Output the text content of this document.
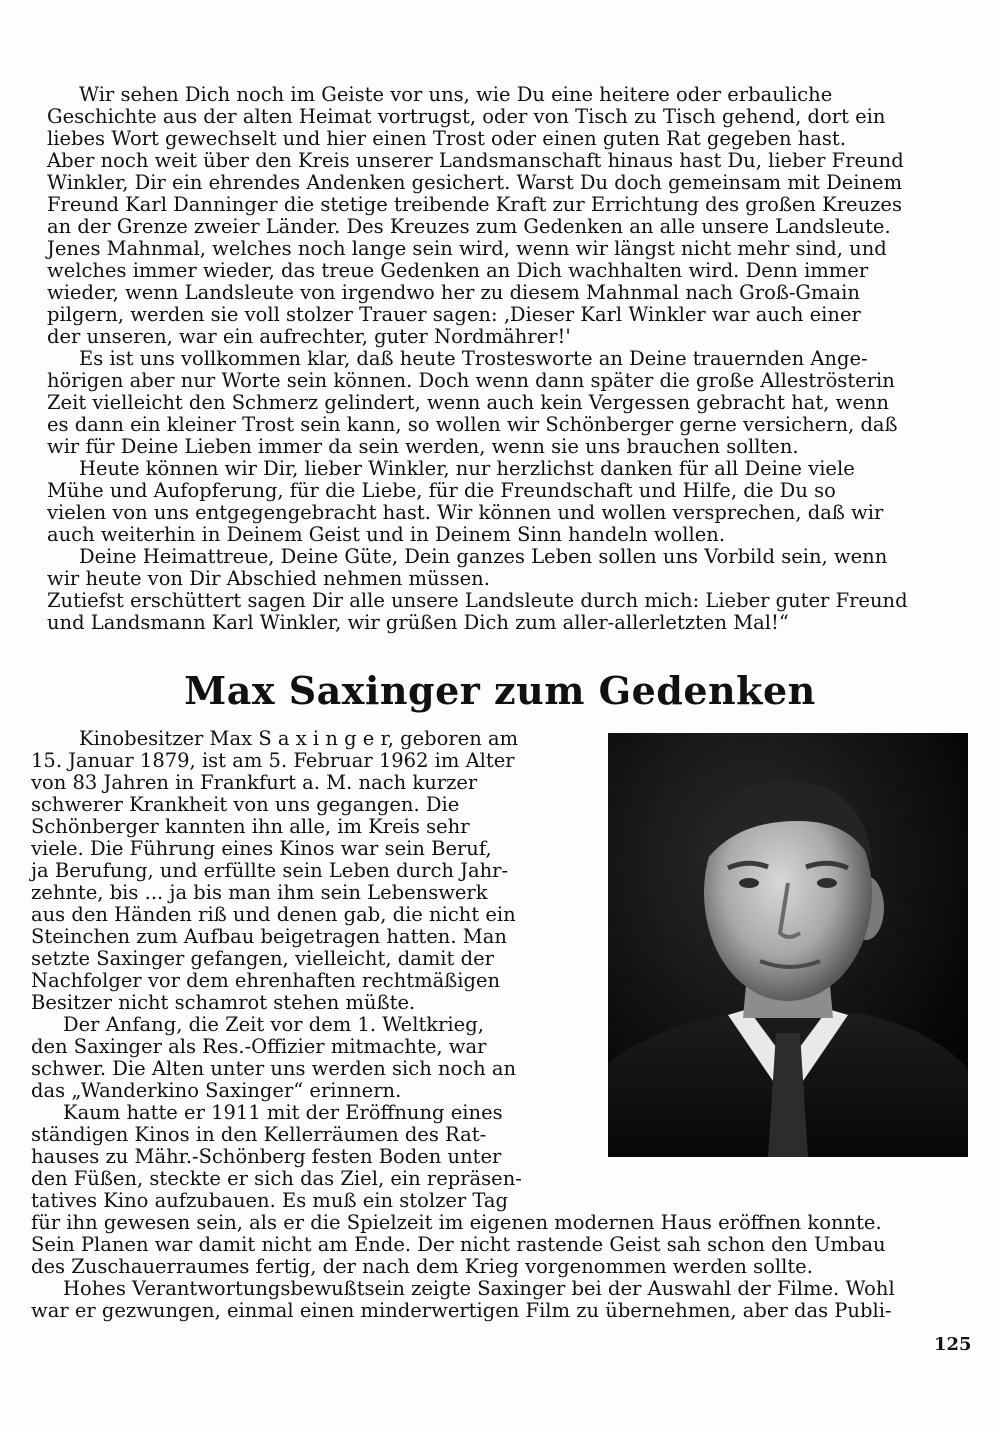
Wir sehen Dich noch im Geiste vor uns, wie Du eine heitere oder erbauliche
Geschichte aus der alten Heimat vortrugst, oder von Tisch zu Tisch gehend, dort ein
liebes Wort gewechselt und hier einen Trost oder einen guten Rat gegeben hast.
Aber noch weit über den Kreis unserer Landsmanschaft hinaus hast Du, lieber Freund
Winkler, Dir ein ehrendes Andenken gesichert. Warst Du doch gemeinsam mit Deinem
Freund Karl Danninger die stetige treibende Kraft zur Errichtung des großen Kreuzes
an der Grenze zweier Länder. Des Kreuzes zum Gedenken an alle unsere Landsleute.
Jenes Mahnmal, welches noch lange sein wird, wenn wir längst nicht mehr sind, und
welches immer wieder, das treue Gedenken an Dich wachhalten wird. Denn immer
wieder, wenn Landsleute von irgendwo her zu diesem Mahnmal nach Groß-Gmain
pilgern, werden sie voll stolzer Trauer sagen: ‚Dieser Karl Winkler war auch einer
der unseren, war ein aufrechter, guter Nordmährer!'
Es ist uns vollkommen klar, daß heute Trostesworte an Deine trauernden Ange-
hörigen aber nur Worte sein können. Doch wenn dann später die große Alleströsterin
Zeit vielleicht den Schmerz gelindert, wenn auch kein Vergessen gebracht hat, wenn
es dann ein kleiner Trost sein kann, so wollen wir Schönberger gerne versichern, daß
wir für Deine Lieben immer da sein werden, wenn sie uns brauchen sollten.
Heute können wir Dir, lieber Winkler, nur herzlichst danken für all Deine viele
Mühe und Aufopferung, für die Liebe, für die Freundschaft und Hilfe, die Du so
vielen von uns entgegengebracht hast. Wir können und wollen versprechen, daß wir
auch weiterhin in Deinem Geist und in Deinem Sinn handeln wollen.
Deine Heimattreue, Deine Güte, Dein ganzes Leben sollen uns Vorbild sein, wenn
wir heute von Dir Abschied nehmen müssen.
Zutiefst erschüttert sagen Dir alle unsere Landsleute durch mich: Lieber guter Freund
und Landsmann Karl Winkler, wir grüßen Dich zum aller-allerletzten Mal!“
Max Saxinger zum Gedenken
Kinobesitzer Max S a x i n g e r, geboren am
15. Januar 1879, ist am 5. Februar 1962 im Alter
von 83 Jahren in Frankfurt a. M. nach kurzer
schwerer Krankheit von uns gegangen. Die
Schönberger kannten ihn alle, im Kreis sehr
viele. Die Führung eines Kinos war sein Beruf,
ja Berufung, und erfüllte sein Leben durch Jahr-
zehnte, bis ... ja bis man ihm sein Lebenswerk
aus den Händen riß und denen gab, die nicht ein
Steinchen zum Aufbau beigetragen hatten. Man
setzte Saxinger gefangen, vielleicht, damit der
Nachfolger vor dem ehrenhaften rechtmäßigen
Besitzer nicht schamrot stehen müßte.
Der Anfang, die Zeit vor dem 1. Weltkrieg,
den Saxinger als Res.-Offizier mitmachte, war
schwer. Die Alten unter uns werden sich noch an
das „Wanderkino Saxinger“ erinnern.
Kaum hatte er 1911 mit der Eröffnung eines
ständigen Kinos in den Kellerräumen des Rat-
hauses zu Mähr.-Schönberg festen Boden unter
den Füßen, steckte er sich das Ziel, ein repräsen-
tatives Kino aufzubauen. Es muß ein stolzer Tag
für ihn gewesen sein, als er die Spielzeit im eigenen modernen Haus eröffnen konnte.
Sein Planen war damit nicht am Ende. Der nicht rastende Geist sah schon den Umbau
des Zuschauerraumes fertig, der nach dem Krieg vorgenommen werden sollte.
Hohes Verantwortungsbewußtsein zeigte Saxinger bei der Auswahl der Filme. Wohl
war er gezwungen, einmal einen minderwertigen Film zu übernehmen, aber das Publi-
125
